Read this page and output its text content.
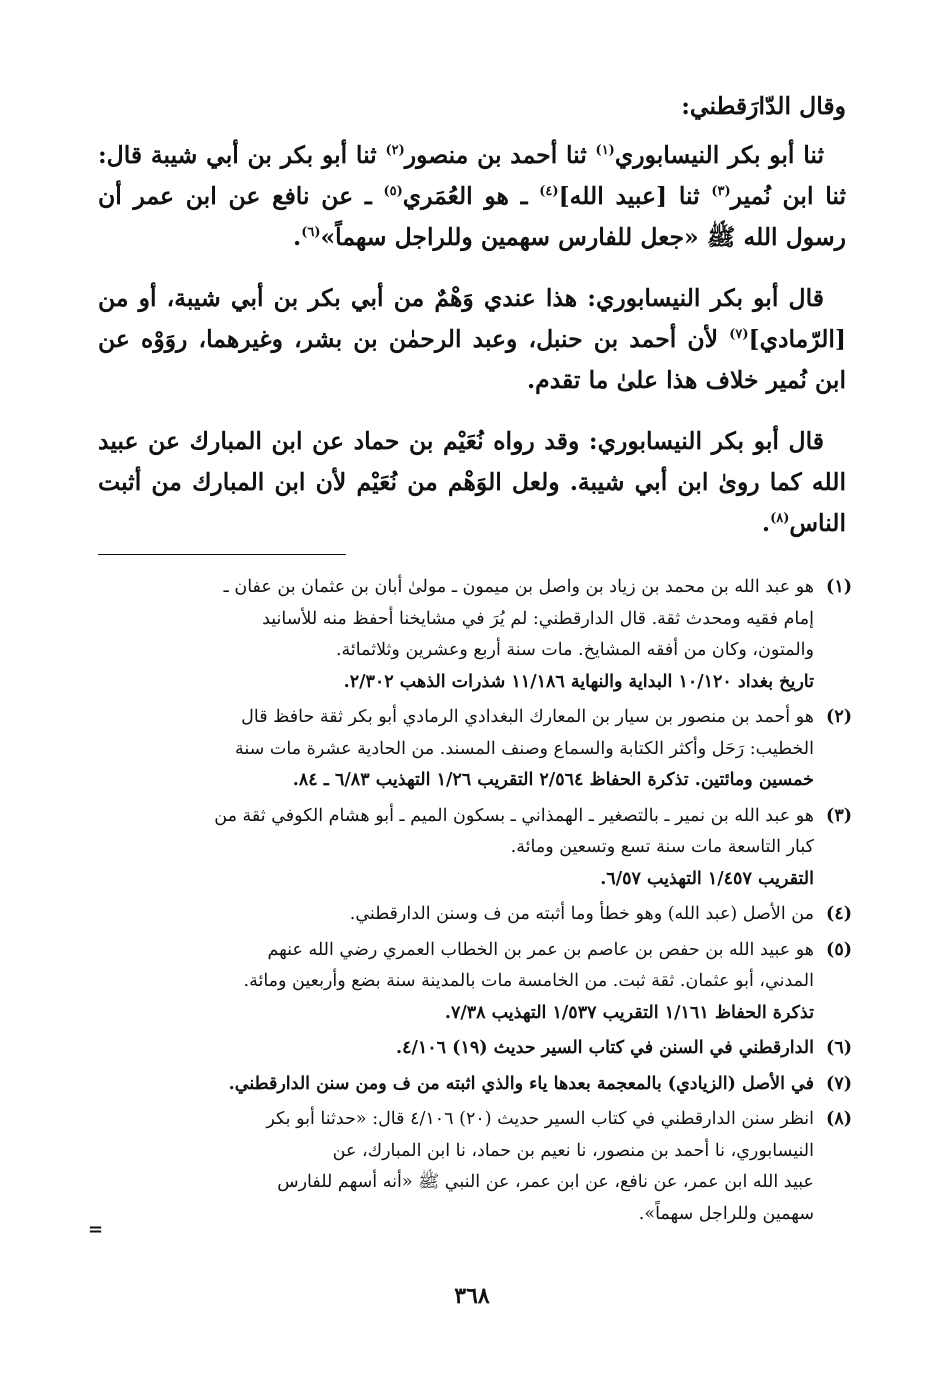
وقال الدّارَقطني:

ثنا أبو بكر النيسابوري$^{(١)}$ ثنا أحمد بن منصور$^{(٢)}$ ثنا أبو بكر بن أبي شيبة قال: ثنا ابن نُمير$^{(٣)}$ ثنا [عبيد الله]$^{(٤)}$ ـ هو العُمَري$^{(٥)}$ ـ عن نافع عن ابن عمر أن رسول الله ﷺ «جعل للفارس سهمين وللراجل سهماً»$^{(٦)}$.

قال أبو بكر النيسابوري: هذا عندي وَهْمٌ من أبي بكر بن أبي شيبة، أو من [الرّمادي]$^{(٧)}$ لأن أحمد بن حنبل، وعبد الرحمٰن بن بشر، وغيرهما، روَوْه عن ابن نُمير خلاف هذا علىٰ ما تقدم.

قال أبو بكر النيسابوري: وقد رواه نُعَيْم بن حماد عن ابن المبارك عن عبيد الله كما روىٰ ابن أبي شيبة. ولعل الوَهْم من نُعَيْم لأن ابن المبارك من أثبت الناس$^{(٨)}$.

(١)
هو عبد الله بن محمد بن زياد بن واصل بن ميمون ـ مولىٰ أبان بن عثمان بن عفان ـ
إمام فقيه ومحدث ثقة. قال الدارقطني: لم يُرَ في مشايخنا أحفظ منه للأسانيد
والمتون، وكان من أفقه المشايخ. مات سنة أربع وعشرين وثلاثمائة.
تاريخ بغداد ١٠/١٢٠ البداية والنهاية ١١/١٨٦ شذرات الذهب ٢/٣٠٢.
(٢)
هو أحمد بن منصور بن سيار بن المعارك البغدادي الرمادي أبو بكر ثقة حافظ قال
الخطيب: رَحَل وأكثر الكتابة والسماع وصنف المسند. من الحادية عشرة مات سنة
خمسين ومائتين. تذكرة الحفاظ ٢/٥٦٤ التقريب ١/٢٦ التهذيب ٦/٨٣ ـ ٨٤.
(٣)
هو عبد الله بن نمير ـ بالتصغير ـ الهمذاني ـ بسكون الميم ـ أبو هشام الكوفي ثقة من
كبار التاسعة مات سنة تسع وتسعين ومائة.
التقريب ١/٤٥٧ التهذيب ٦/٥٧.
(٤)
من الأصل (عبد الله) وهو خطأ وما أثبته من ف وسنن الدارقطني.
(٥)
هو عبيد الله بن حفص بن عاصم بن عمر بن الخطاب العمري رضي الله عنهم
المدني، أبو عثمان. ثقة ثبت. من الخامسة مات بالمدينة سنة بضع وأربعين ومائة.
تذكرة الحفاظ ١/١٦١ التقريب ١/٥٣٧ التهذيب ٧/٣٨.
(٦)
الدارقطني في السنن في كتاب السير حديث (١٩) ٤/١٠٦.
(٧)
في الأصل (الزيادي) بالمعجمة بعدها ياء والذي اثبته من ف ومن سنن الدارقطني.
(٨)
انظر سنن الدارقطني في كتاب السير حديث (٢٠) ٤/١٠٦ قال: «حدثنا أبو بكر
النيسابوري، نا أحمد بن منصور، نا نعيم بن حماد، نا ابن المبارك، عن
عبيد الله ابن عمر، عن نافع، عن ابن عمر، عن النبي ﷺ «أنه أسهم للفارس
سهمين وللراجل سهماً».
=
٣٦٨
